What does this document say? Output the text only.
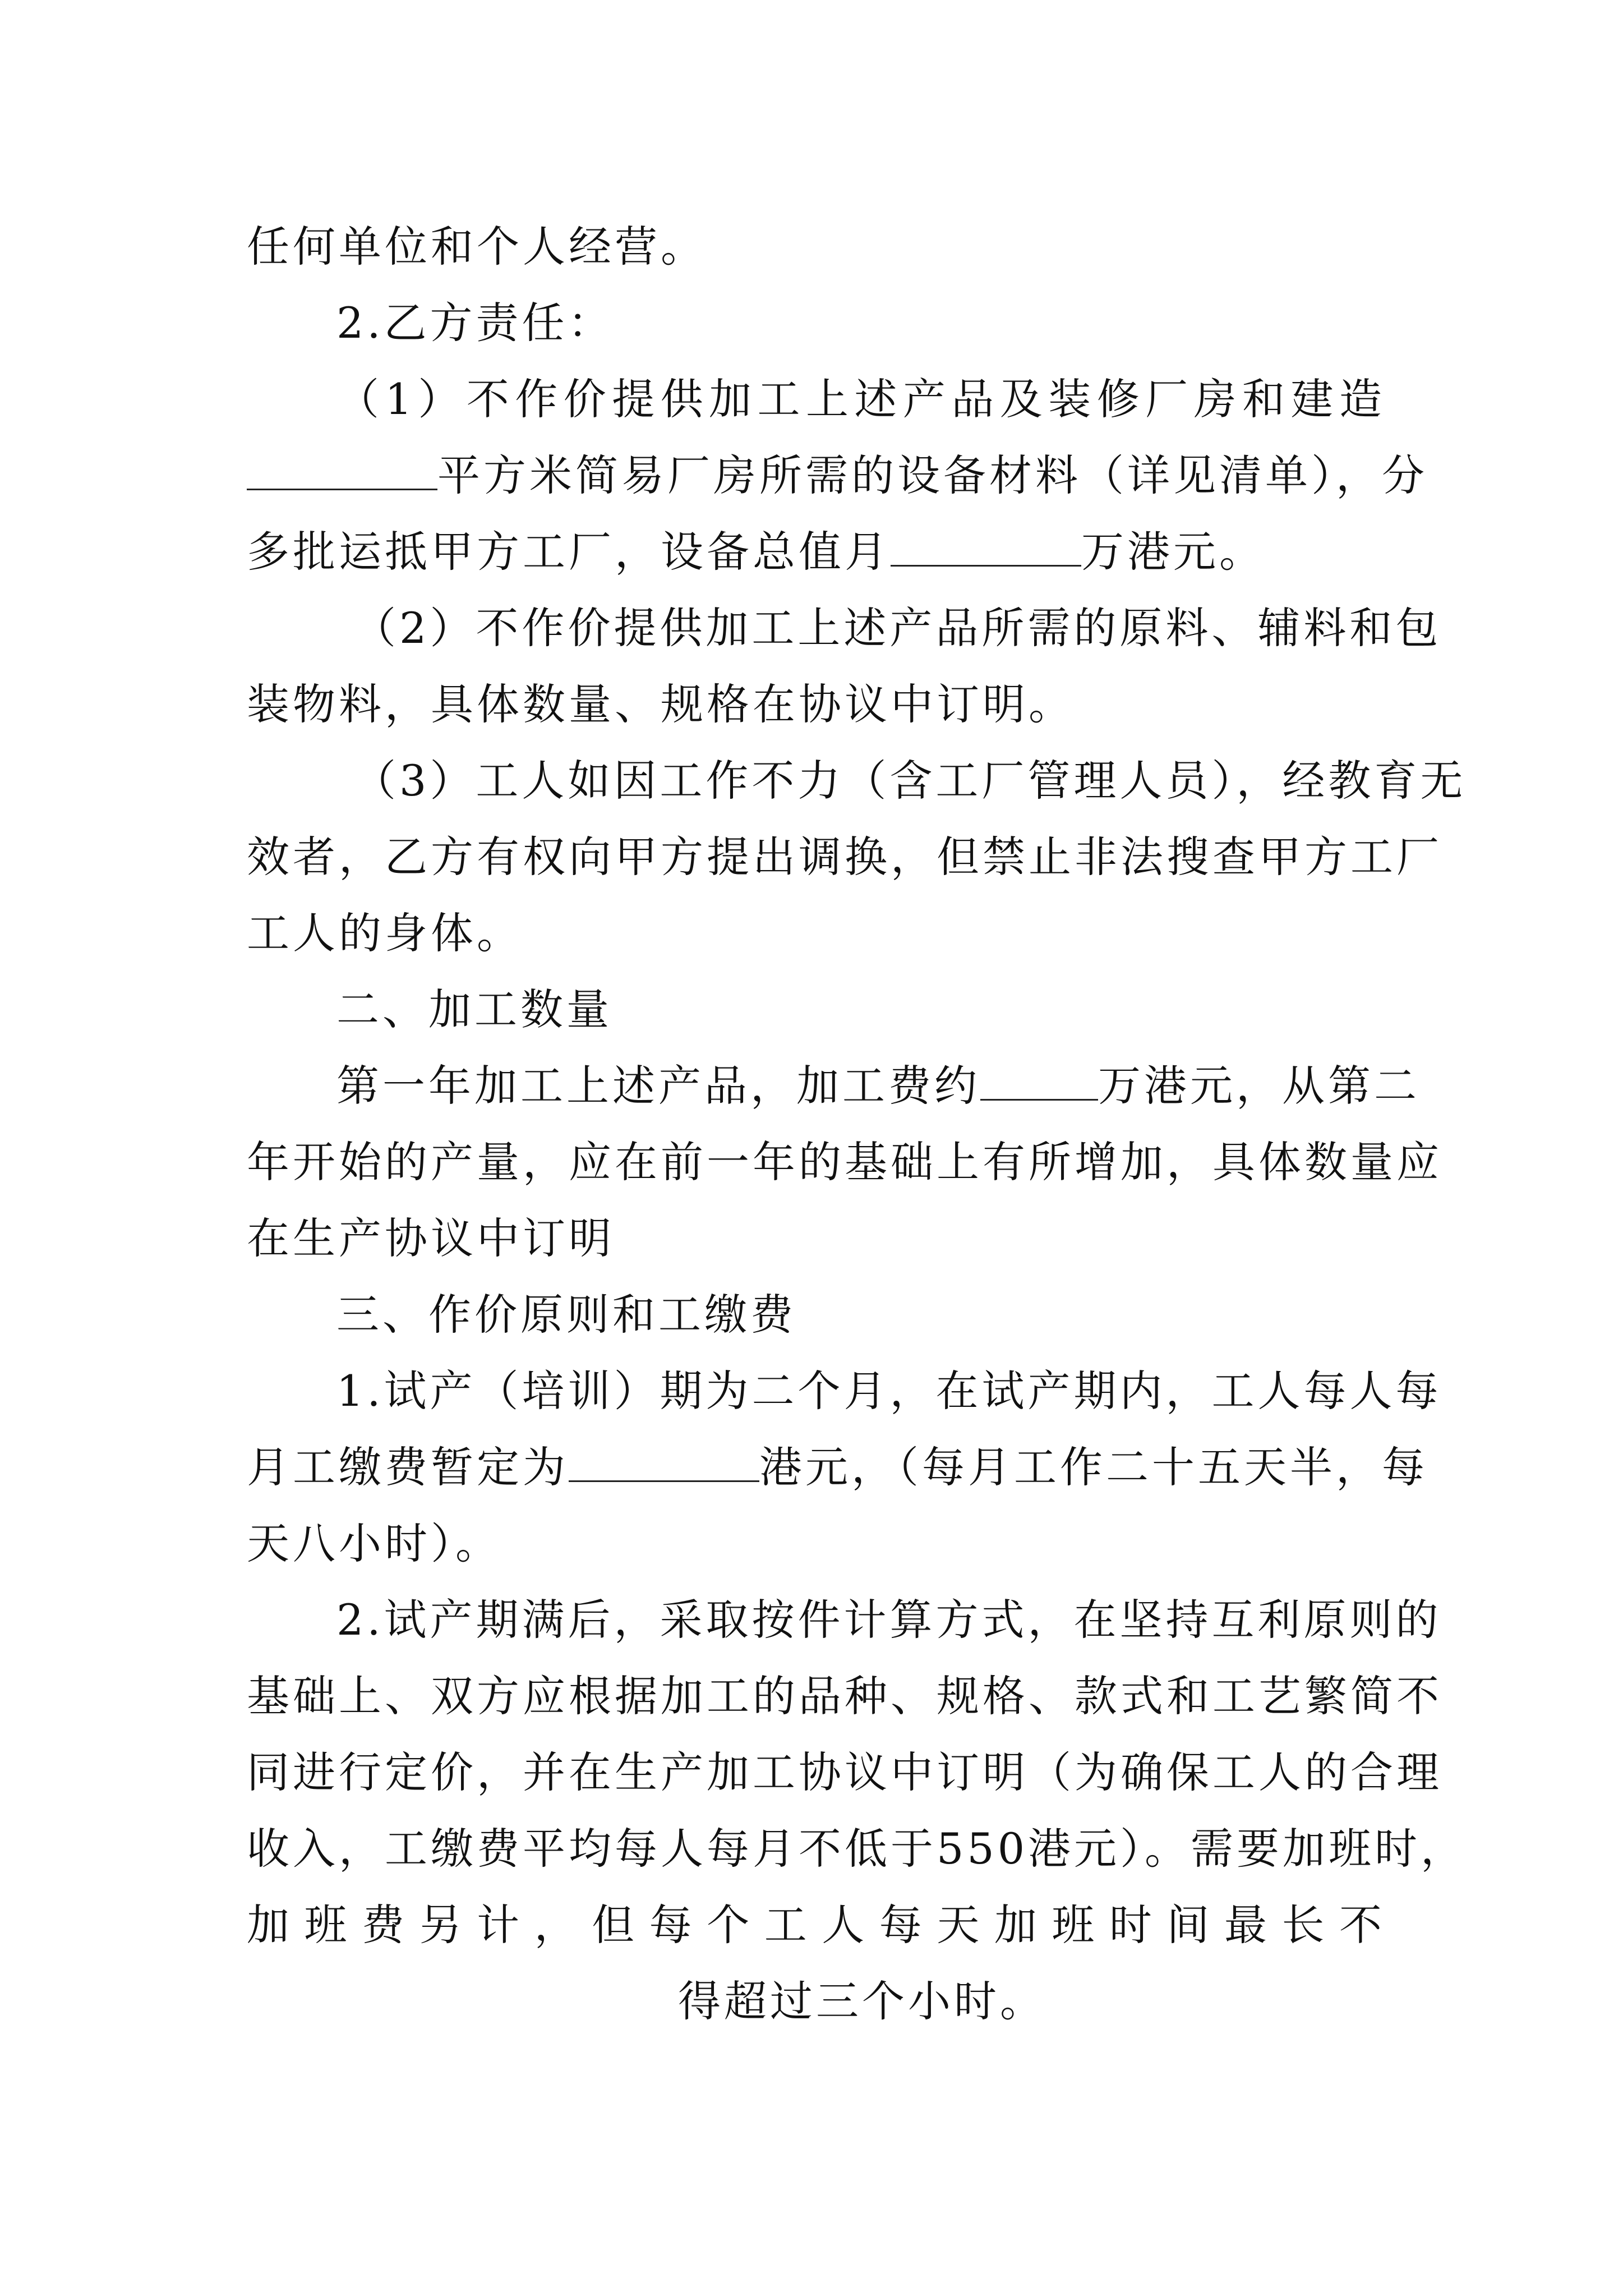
任何单位和个人经营。
2.乙方责任：
（1）不作价提供加工上述产品及装修厂房和建造
平方米简易厂房所需的设备材料（详见清单），分
多批运抵甲方工厂，设备总值月	万港元。
（2）不作价提供加工上述产品所需的原料、辅料和包
装物料，具体数量、规格在协议中订明。
（3）工人如因工作不力（含工厂管理人员），经教育无
效者，乙方有权向甲方提出调换，但禁止非法搜查甲方工厂
工人的身体。
二、加工数量
第一年加工上述产品，加工费约	万港元，从第二
年开始的产量，应在前一年的基础上有所增加，具体数量应
在生产协议中订明
三、作价原则和工缴费
1.试产（培训）期为二个月，在试产期内，工人每人每
月工缴费暂定为	港元，（每月工作二十五天半，每
天八小时）。
2.试产期满后，采取按件计算方式，在坚持互利原则的
基础上、双方应根据加工的品种、规格、款式和工艺繁简不
同进行定价，并在生产加工协议中订明（为确保工人的合理
收入，工缴费平均每人每月不低于550港元）。需要加班时，
加班费另计，但每个工人每天加班时间最长不
得超过三个小时。
